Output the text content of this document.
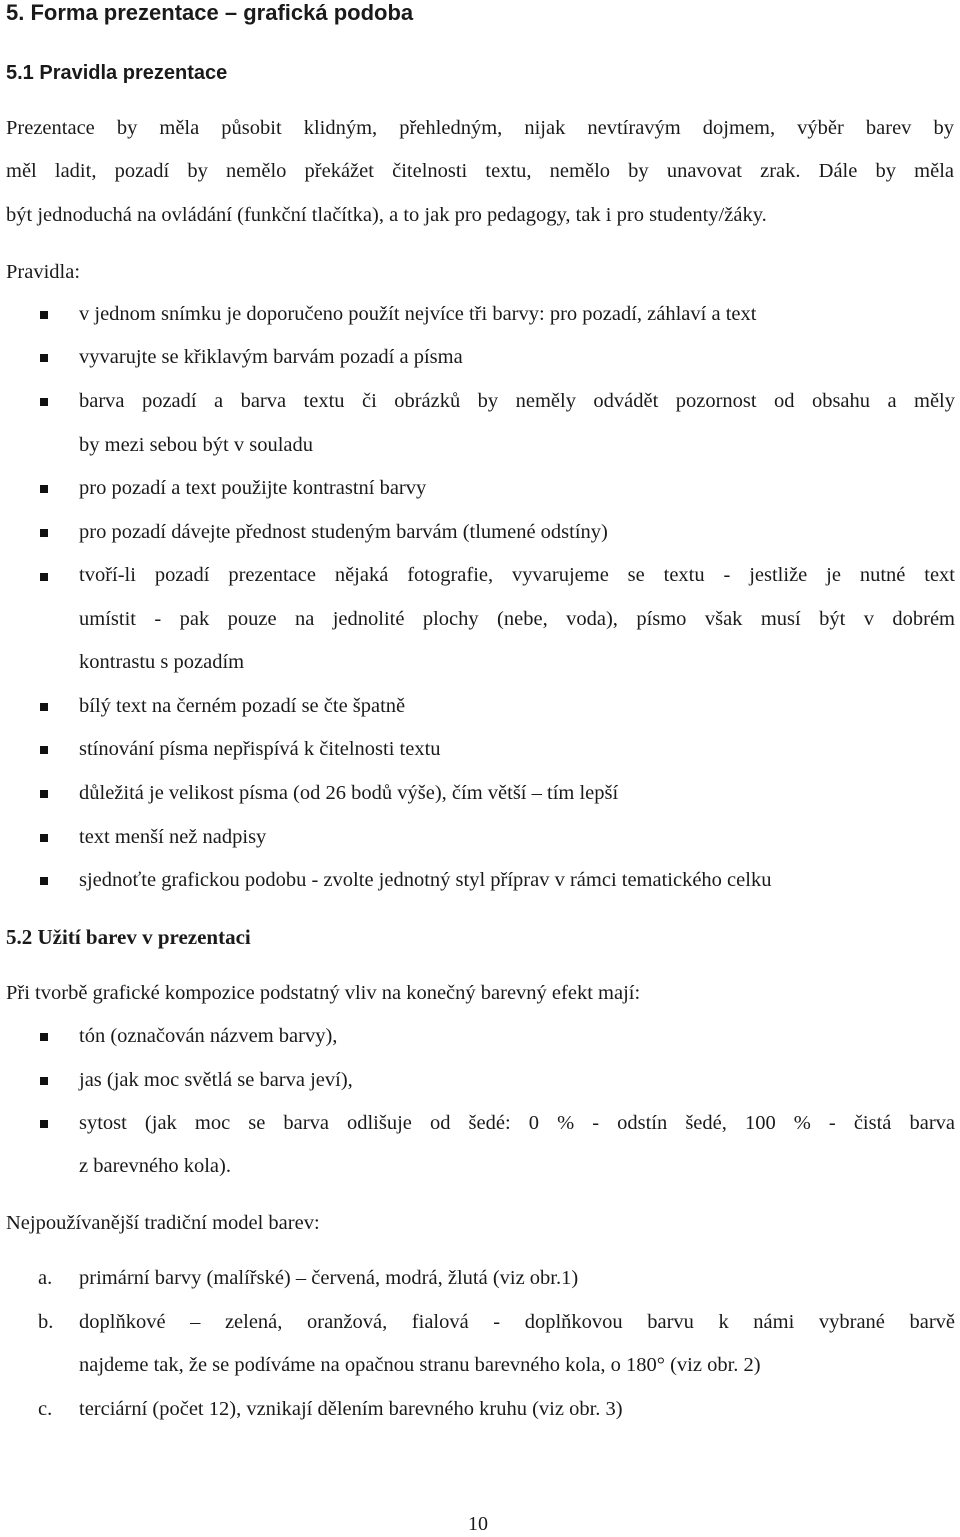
5. Forma prezentace – grafická podoba
5.1 Pravidla prezentace
Prezentace by měla působit klidným, přehledným, nijak nevtíravým dojmem, výběr barev by
měl ladit, pozadí by nemělo překážet čitelnosti textu, nemělo by unavovat zrak. Dále by měla
být jednoduchá na ovládání (funkční tlačítka), a to jak pro pedagogy, tak i pro studenty/žáky.
Pravidla:
v jednom snímku je doporučeno použít nejvíce tři barvy: pro pozadí, záhlaví a text
vyvarujte se křiklavým barvám pozadí a písma
barva pozadí a barva textu či obrázků by neměly odvádět pozornost od obsahu a měly
by mezi sebou být v souladu
pro pozadí a text použijte kontrastní barvy
pro pozadí dávejte přednost studeným barvám (tlumené odstíny)
tvoří-li pozadí prezentace nějaká fotografie, vyvarujeme se textu - jestliže je nutné text
umístit - pak pouze na jednolité plochy (nebe, voda), písmo však musí být v dobrém
kontrastu s pozadím
bílý text na černém pozadí se čte špatně
stínování písma nepřispívá k čitelnosti textu
důležitá je velikost písma (od 26 bodů výše), čím větší – tím lepší
text menší než nadpisy
sjednoťte grafickou podobu - zvolte jednotný styl příprav v rámci tematického celku
5.2 Užití barev v prezentaci
Při tvorbě grafické kompozice podstatný vliv na konečný barevný efekt mají:
tón (označován názvem barvy),
jas (jak moc světlá se barva jeví),
sytost (jak moc se barva odlišuje od šedé: 0 % - odstín šedé, 100 % - čistá barva
z barevného kola).
Nejpoužívanější tradiční model barev:
a. primární barvy (malířské) – červená, modrá, žlutá (viz obr.1)
b. doplňkové – zelená, oranžová, fialová - doplňkovou barvu k námi vybrané barvě
najdeme tak, že se podíváme na opačnou stranu barevného kola, o 180° (viz obr. 2)
c. terciární (počet 12), vznikají dělením barevného kruhu (viz obr. 3)
10
